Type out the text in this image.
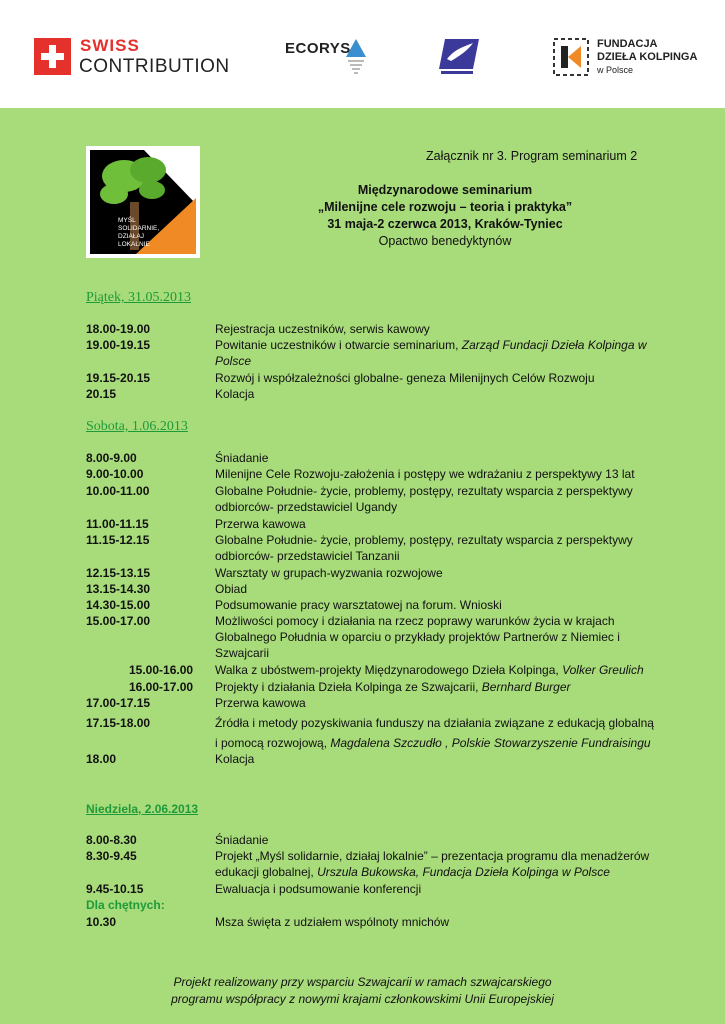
SWISS
CONTRIBUTION
ECORYS	FUNDACJA
DZIEŁA KOLPINGA
w Polsce
MYŚL
SOLIDARNIE,
DZIAŁAJ
LOKALNIE
Załącznik nr 3. Program seminarium 2
Międzynarodowe seminarium
„Milenijne cele rozwoju – teoria i praktyka”
31 maja-2 czerwca 2013, Kraków-Tyniec
Opactwo benedyktynów
Piątek, 31.05.2013
18.00-19.00	Rejestracja uczestników, serwis kawowy
19.00-19.15	Powitanie uczestników i otwarcie seminarium, Zarząd Fundacji Dzieła Kolpinga w Polsce
19.15-20.15	Rozwój i współzależności globalne- geneza Milenijnych Celów Rozwoju
20.15	Kolacja
Sobota, 1.06.2013
8.00-9.00	Śniadanie
9.00-10.00	Milenijne Cele Rozwoju-założenia i postępy we wdrażaniu z perspektywy 13 lat
10.00-11.00	Globalne Południe- życie, problemy, postępy, rezultaty wsparcia z perspektywy odbiorców- przedstawiciel Ugandy
11.00-11.15	Przerwa kawowa
11.15-12.15	Globalne Południe- życie, problemy, postępy, rezultaty wsparcia z perspektywy odbiorców- przedstawiciel Tanzanii
12.15-13.15	Warsztaty w grupach-wyzwania rozwojowe
13.15-14.30	Obiad
14.30-15.00	Podsumowanie pracy warsztatowej na forum. Wnioski
15.00-17.00	Możliwości pomocy i działania na rzecz poprawy warunków życia w krajach Globalnego Południa w oparciu o przykłady projektów Partnerów z Niemiec i Szwajcarii
15.00-16.00 Walka z ubóstwem-projekty Międzynarodowego Dzieła Kolpinga, Volker Greulich
16.00-17.00 Projekty i działania Dzieła Kolpinga ze Szwajcarii, Bernhard Burger
17.00-17.15	Przerwa kawowa
17.15-18.00	Źródła i metody pozyskiwania funduszy na działania związane z edukacją globalną
i pomocą rozwojową, Magdalena Szczudło , Polskie Stowarzyszenie Fundraisingu
18.00	Kolacja
Niedziela, 2.06.2013
8.00-8.30	Śniadanie
8.30-9.45	Projekt „Myśl solidarnie, działaj lokalnie” – prezentacja programu dla menadżerów edukacji globalnej, Urszula Bukowska, Fundacja Dzieła Kolpinga w Polsce
9.45-10.15	Ewaluacja i podsumowanie konferencji
Dla chętnych:
10.30	Msza święta z udziałem wspólnoty mnichów
Projekt realizowany przy wsparciu Szwajcarii w ramach szwajcarskiego
programu współpracy z nowymi krajami członkowskimi Unii Europejskiej
